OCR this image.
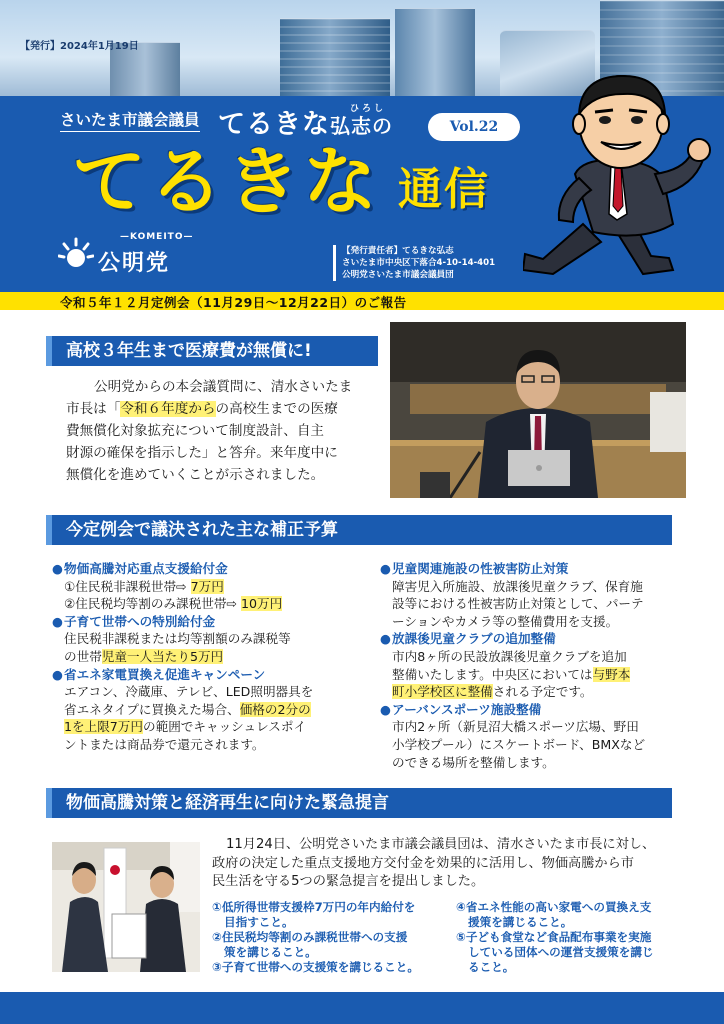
【発行】2024年1月19日
さいたま市議会議員 てるきな弘志の
ひろし
Vol.22
てるきな 通信
—KOMEITO—
公明党	【発行責任者】てるきな弘志
さいたま市中央区下落合4-10-14-401
公明党さいたま市議会議員団
令和５年１２月定例会（11月29日～12月22日）のご報告
高校３年生まで医療費が無償に!
公明党からの本会議質問に、清水さいたま
市長は「令和６年度からの高校生までの医療
費無償化対象拡充について制度設計、自主
財源の確保を指示した」と答弁。来年度中に
無償化を進めていくことが示されました。
今定例会で議決された主な補正予算
● 物価高騰対応重点支援給付金
①住民税非課税世帯⇨ 7万円
②住民税均等割のみ課税世帯⇨ 10万円
● 子育て世帯への特別給付金
住民税非課税または均等割額のみ課税等
の世帯児童一人当たり5万円
● 省エネ家電買換え促進キャンペーン
エアコン、冷蔵庫、テレビ、LED照明器具を
省エネタイプに買換えた場合、価格の2分の
1を上限7万円の範囲でキャッシュレスポイ
ントまたは商品券で還元されます。
● 児童関連施設の性被害防止対策
障害児入所施設、放課後児童クラブ、保育施
設等における性被害防止対策として、パーテ
ーションやカメラ等の整備費用を支援。
● 放課後児童クラブの追加整備
市内8ヶ所の民設放課後児童クラブを追加
整備いたします。中央区においては与野本
町小学校区に整備される予定です。
● アーバンスポーツ施設整備
市内2ヶ所（新見沼大橋スポーツ広場、野田
小学校プール）にスケートボード、BMXなど
のできる場所を整備します。
物価高騰対策と経済再生に向けた緊急提言
11月24日、公明党さいたま市議会議員団は、清水さいたま市長に対し、
政府の決定した重点支援地方交付金を効果的に活用し、物価高騰から市
民生活を守る5つの緊急提言を提出しました。
①低所得世帯支援枠7万円の年内給付を
目指すこと。
②住民税均等割のみ課税世帯への支援
策を講じること。
③子育て世帯への支援策を講じること。
④省エネ性能の高い家電への買換え支
援策を講じること。
⑤子ども食堂など食品配布事業を実施
している団体への運営支援策を講じ
ること。
